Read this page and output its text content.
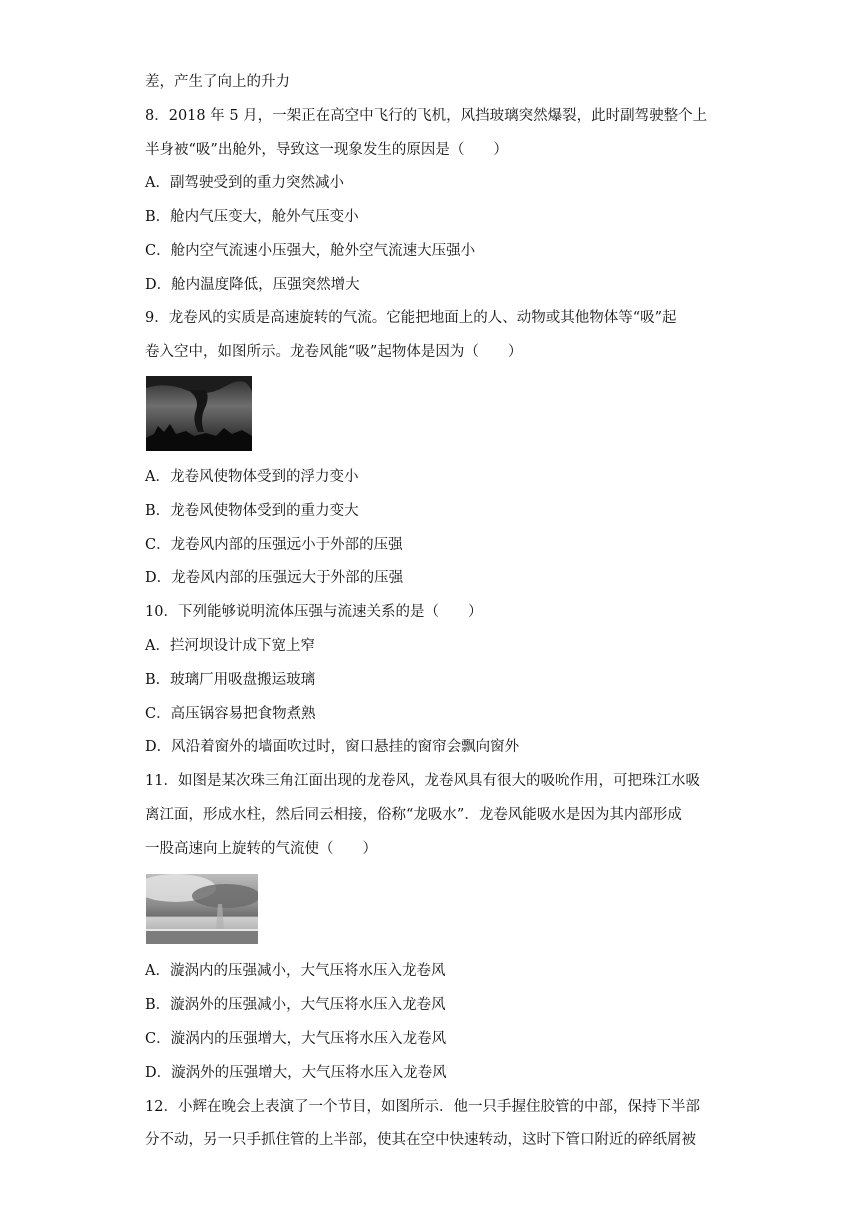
差，产生了向上的升力
8．2018 年 5 月，一架正在高空中飞行的飞机，风挡玻璃突然爆裂，此时副驾驶整个上
半身被“吸”出舱外，导致这一现象发生的原因是（　　）
A．副驾驶受到的重力突然减小
B．舱内气压变大，舱外气压变小
C．舱内空气流速小压强大，舱外空气流速大压强小
D．舱内温度降低，压强突然增大
9．龙卷风的实质是高速旋转的气流。它能把地面上的人、动物或其他物体等“吸”起
卷入空中，如图所示。龙卷风能“吸”起物体是因为（　　）
A．龙卷风使物体受到的浮力变小
B．龙卷风使物体受到的重力变大
C．龙卷风内部的压强远小于外部的压强
D．龙卷风内部的压强远大于外部的压强
10．下列能够说明流体压强与流速关系的是（　　）
A．拦河坝设计成下宽上窄
B．玻璃厂用吸盘搬运玻璃
C．高压锅容易把食物煮熟
D．风沿着窗外的墙面吹过时，窗口悬挂的窗帘会飘向窗外
11．如图是某次珠三角江面出现的龙卷风，龙卷风具有很大的吸吮作用，可把珠江水吸
离江面，形成水柱，然后同云相接，俗称“龙吸水”．龙卷风能吸水是因为其内部形成
一股高速向上旋转的气流使（　　）
A．漩涡内的压强减小，大气压将水压入龙卷风
B．漩涡外的压强减小，大气压将水压入龙卷风
C．漩涡内的压强增大，大气压将水压入龙卷风
D．漩涡外的压强增大，大气压将水压入龙卷风
12．小辉在晚会上表演了一个节目，如图所示．他一只手握住胶管的中部，保持下半部
分不动，另一只手抓住管的上半部，使其在空中快速转动，这时下管口附近的碎纸屑被
